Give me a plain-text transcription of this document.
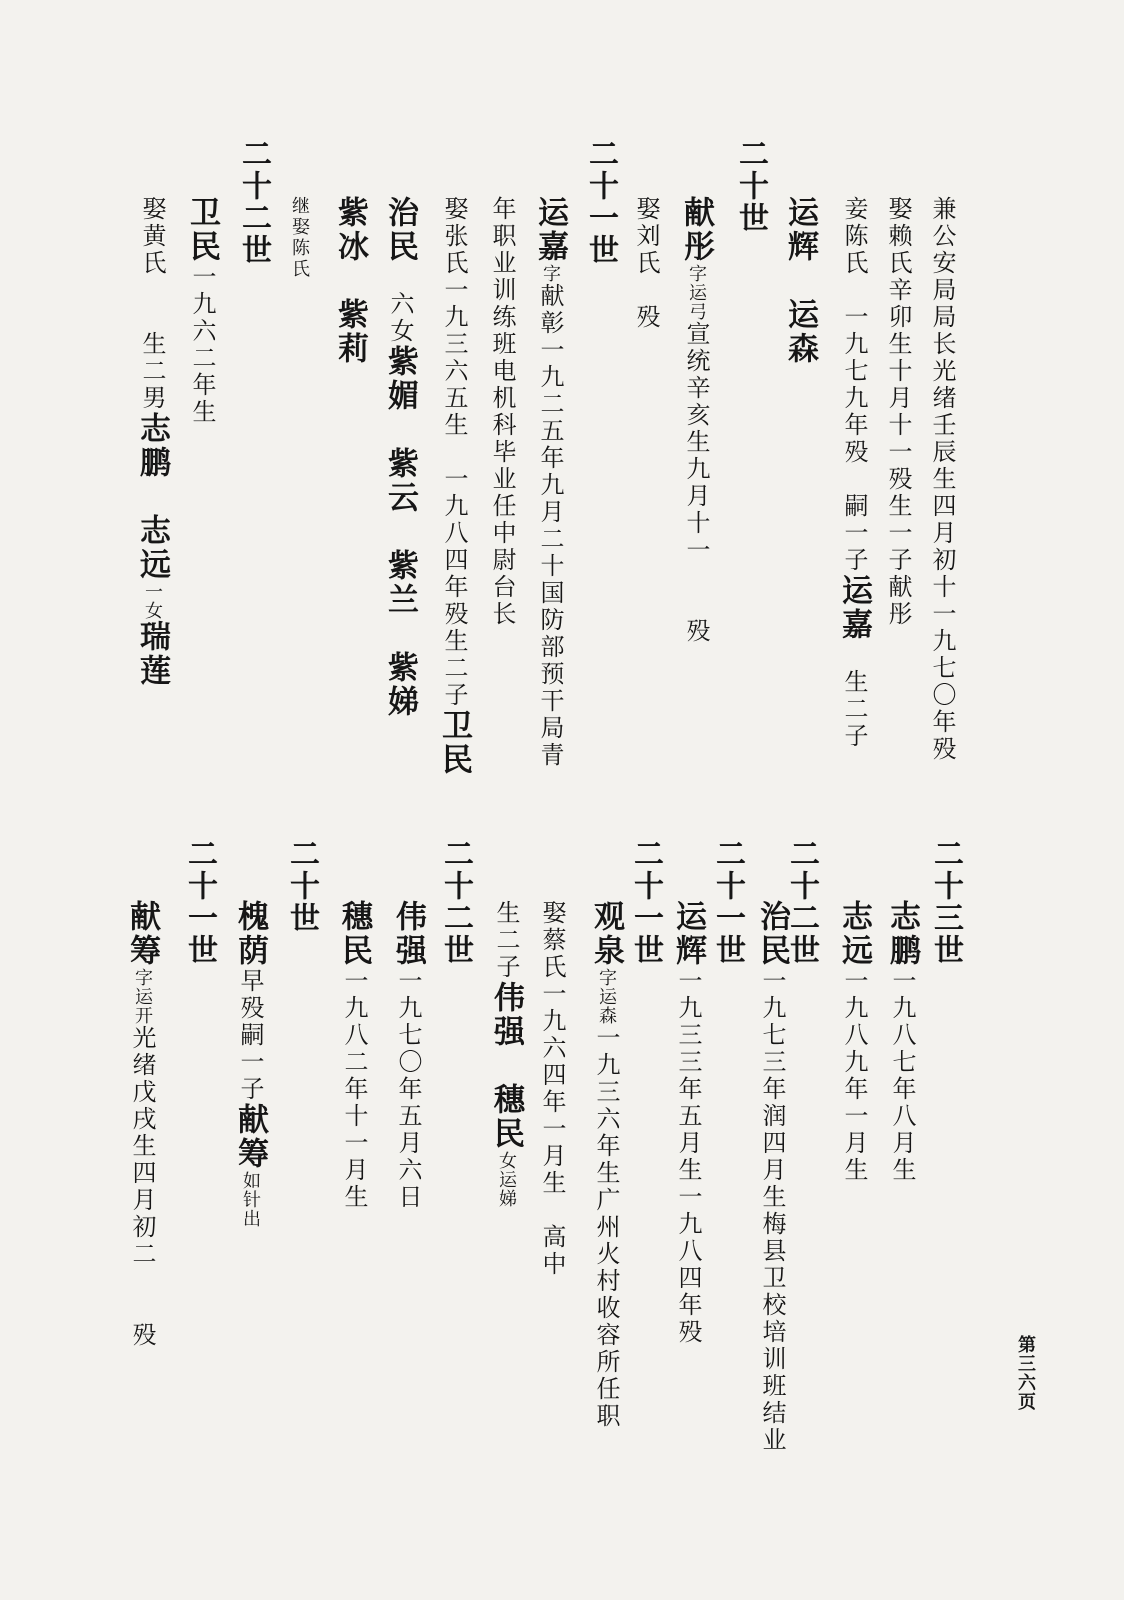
兼公安局局长光绪壬辰生四月初十一九七〇年殁
娶赖氏辛卯生十月十一殁生一子献彤
妾陈氏　一九七九年殁　嗣一子运嘉　生二子
运辉　运森
二十世
献彤字运弓宣统辛亥生九月十一　　殁
娶刘氏　殁
二十一世
运嘉字献彰一九二五年九月二十国防部预干局青
年职业训练班电机科毕业任中尉台长
娶张氏一九三六五生　一九八四年殁生二子卫民
治民　六女紫媚　紫云　紫兰　紫娣
紫冰　紫莉
继娶陈氏
二十二世
卫民一九六二年生
娶黄氏　　生二男志鹏　志远一女瑞莲
二十三世
志鹏一九八七年八月生
志远一九八九年一月生
二十二世
治民一九七三年润四月生梅县卫校培训班结业
二十一世
运辉一九三三年五月生一九八四年殁
二十一世
观泉字运森一九三六年生广州火村收容所任职
娶蔡氏一九六四年一月生　高中
生二子伟强　穗民女运娣
二十二世
伟强一九七〇年五月六日
穗民一九八二年十一月生
二十世
槐荫早殁嗣一子献筹如针出
二十一世
献筹字运开光绪戊戌生四月初二　　殁
第三六页
